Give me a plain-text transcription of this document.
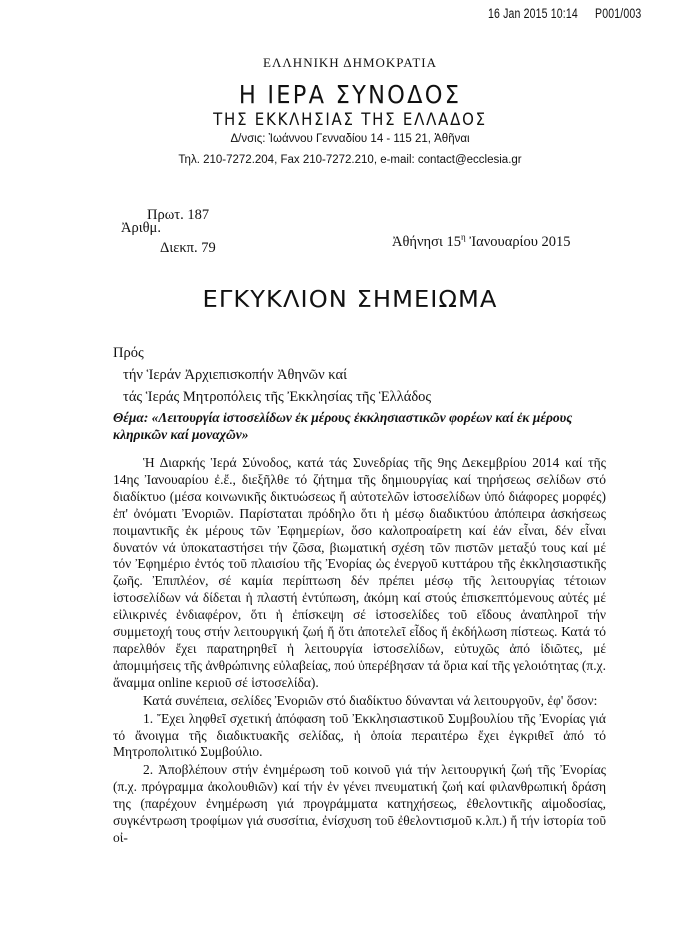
16 Jan 2015 10:14 P001/003
ΕΛΛΗΝΙΚΗ ΔΗΜΟΚΡΑΤΙΑ
Η ΙΕΡΑ ΣΥΝΟΔΟΣ
ΤΗΣ ΕΚΚΛΗΣΙΑΣ ΤΗΣ ΕΛΛΑΔΟΣ
Δ/νσις: Ἰωάννου Γενναδίου 14 - 115 21, Ἀθῆναι
Τηλ. 210-7272.204, Fax 210-7272.210, e-mail: contact@ecclesia.gr
Πρωτ. 187
Ἀριθμ.
Διεκπ. 79	Ἀθήνησι $15^\eta$ Ἰανουαρίου 2015
ΕΓΚΥΚΛΙΟΝ ΣΗΜΕΙΩΜΑ
Πρός
τήν Ἱεράν Ἀρχιεπισκοπήν Ἀθηνῶν καί
τάς Ἱεράς Μητροπόλεις τῆς Ἐκκλησίας τῆς Ἑλλάδος
Θέμα: «Λειτουργία ἱστοσελίδων ἐκ μέρους ἐκκλησιαστικῶν φορέων καί ἐκ μέρους κληρικῶν καί μοναχῶν»

Ἡ Διαρκής Ἱερά Σύνοδος, κατά τάς Συνεδρίας τῆς 9ης Δεκεμβρίου 2014 καί τῆς 14ης Ἰανουαρίου ἐ.ἔ., διεξῆλθε τό ζήτημα τῆς δημιουργίας καί τηρήσεως σελίδων στό διαδίκτυο (μέσα κοινωνικῆς δικτυώσεως ἤ αὐτοτελῶν ἱστοσελίδων ὑπό διάφορες μορφές) ἐπ' ὀνόματι Ἐνοριῶν. Παρίσταται πρόδηλο ὅτι ἡ μέσῳ διαδικτύου ἀπόπειρα ἀσκήσεως ποιμαντικῆς ἐκ μέρους τῶν Ἐφημερίων, ὅσο καλοπροαίρετη καί ἐάν εἶναι, δέν εἶναι δυνατόν νά ὑποκαταστήσει τήν ζῶσα, βιωματική σχέση τῶν πιστῶν μεταξύ τους καί μέ τόν Ἐφημέριο ἐντός τοῦ πλαισίου τῆς Ἐνορίας ὡς ἐνεργοῦ κυττάρου τῆς ἐκκλησιαστικῆς ζωῆς. Ἐπιπλέον, σέ καμία περίπτωση δέν πρέπει μέσῳ τῆς λειτουργίας τέτοιων ἱστοσελίδων νά δίδεται ἡ πλαστή ἐντύπωση, ἀκόμη καί στούς ἐπισκεπτόμενους αὐτές μέ εἰλικρινές ἐνδιαφέρον, ὅτι ἡ ἐπίσκεψη σέ ἱστοσελίδες τοῦ εἴδους ἀναπληροῖ τήν συμμετοχή τους στήν λειτουργική ζωή ἤ ὅτι ἀποτελεῖ εἶδος ἤ ἐκδήλωση πίστεως. Κατά τό παρελθόν ἔχει παρατηρηθεῖ ἡ λειτουργία ἱστοσελίδων, εὐτυχῶς ἀπό ἰδιῶτες, μέ ἀπομιμήσεις τῆς ἀνθρώπινης εὐλαβείας, πού ὑπερέβησαν τά ὅρια καί τῆς γελοιότητας (π.χ. ἄναμμα online κεριοῦ σέ ἱστοσελίδα).

Κατά συνέπεια, σελίδες Ἐνοριῶν στό διαδίκτυο δύνανται νά λειτουργοῦν, ἐφ' ὅσον:

1. Ἔχει ληφθεῖ σχετική ἀπόφαση τοῦ Ἐκκλησιαστικοῦ Συμβουλίου τῆς Ἐνορίας γιά τό ἄνοιγμα τῆς διαδικτυακῆς σελίδας, ἡ ὁποία περαιτέρω ἔχει ἐγκριθεῖ ἀπό τό Μητροπολιτικό Συμβούλιο.

2. Ἀποβλέπουν στήν ἐνημέρωση τοῦ κοινοῦ γιά τήν λειτουργική ζωή τῆς Ἐνορίας (π.χ. πρόγραμμα ἀκολουθιῶν) καί τήν ἐν γένει πνευματική ζωή καί φιλανθρωπική δράση της (παρέχουν ἐνημέρωση γιά προγράμματα κατηχήσεως, ἐθελοντικῆς αἱμοδοσίας, συγκέντρωση τροφίμων γιά συσσίτια, ἐνίσχυση τοῦ ἐθελοντισμοῦ κ.λπ.) ἤ τήν ἱστορία τοῦ οἰ-
